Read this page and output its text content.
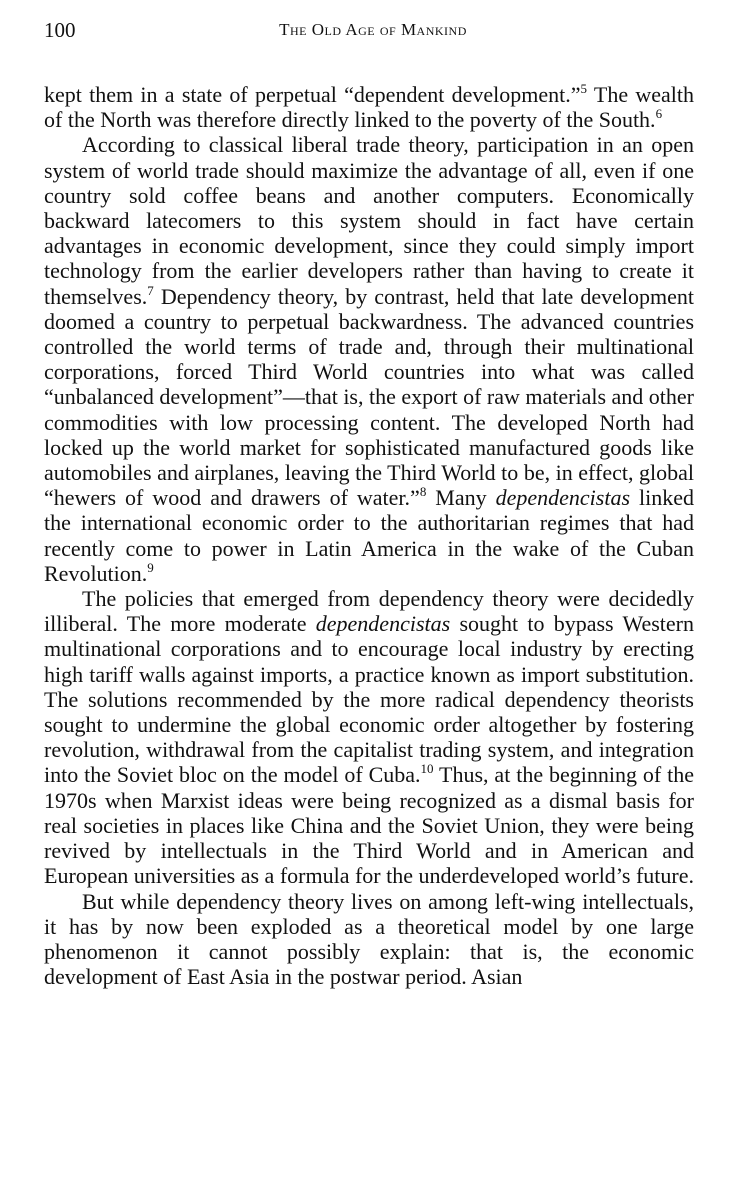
100	The Old Age of Mankind

kept them in a state of perpetual “dependent development.”$^5$ The wealth of the North was therefore directly linked to the poverty of the South.$^6$

According to classical liberal trade theory, participation in an open system of world trade should maximize the advantage of all, even if one country sold coffee beans and another computers. Economically backward latecomers to this system should in fact have certain advantages in economic development, since they could simply import technology from the earlier developers rather than having to create it themselves.$^7$ Dependency theory, by contrast, held that late development doomed a country to perpetual backwardness. The advanced countries controlled the world terms of trade and, through their multinational corporations, forced Third World countries into what was called “unbalanced development”—that is, the export of raw materials and other commodities with low processing content. The developed North had locked up the world market for sophisticated manufactured goods like automobiles and airplanes, leaving the Third World to be, in effect, global “hewers of wood and drawers of water.”$^8$ Many dependencistas linked the international economic order to the authoritarian regimes that had recently come to power in Latin America in the wake of the Cuban Revolution.$^9$

The policies that emerged from dependency theory were decidedly illiberal. The more moderate dependencistas sought to bypass Western multinational corporations and to encourage local industry by erecting high tariff walls against imports, a practice known as import substitution. The solutions recommended by the more radical dependency theorists sought to undermine the global economic order altogether by fostering revolution, withdrawal from the capitalist trading system, and integration into the Soviet bloc on the model of Cuba.$^{10}$ Thus, at the beginning of the 1970s when Marxist ideas were being recognized as a dismal basis for real societies in places like China and the Soviet Union, they were being revived by intellectuals in the Third World and in American and European universities as a formula for the underdeveloped world’s future.

But while dependency theory lives on among left-wing intellectuals, it has by now been exploded as a theoretical model by one large phenomenon it cannot possibly explain: that is, the economic development of East Asia in the postwar period. Asian
